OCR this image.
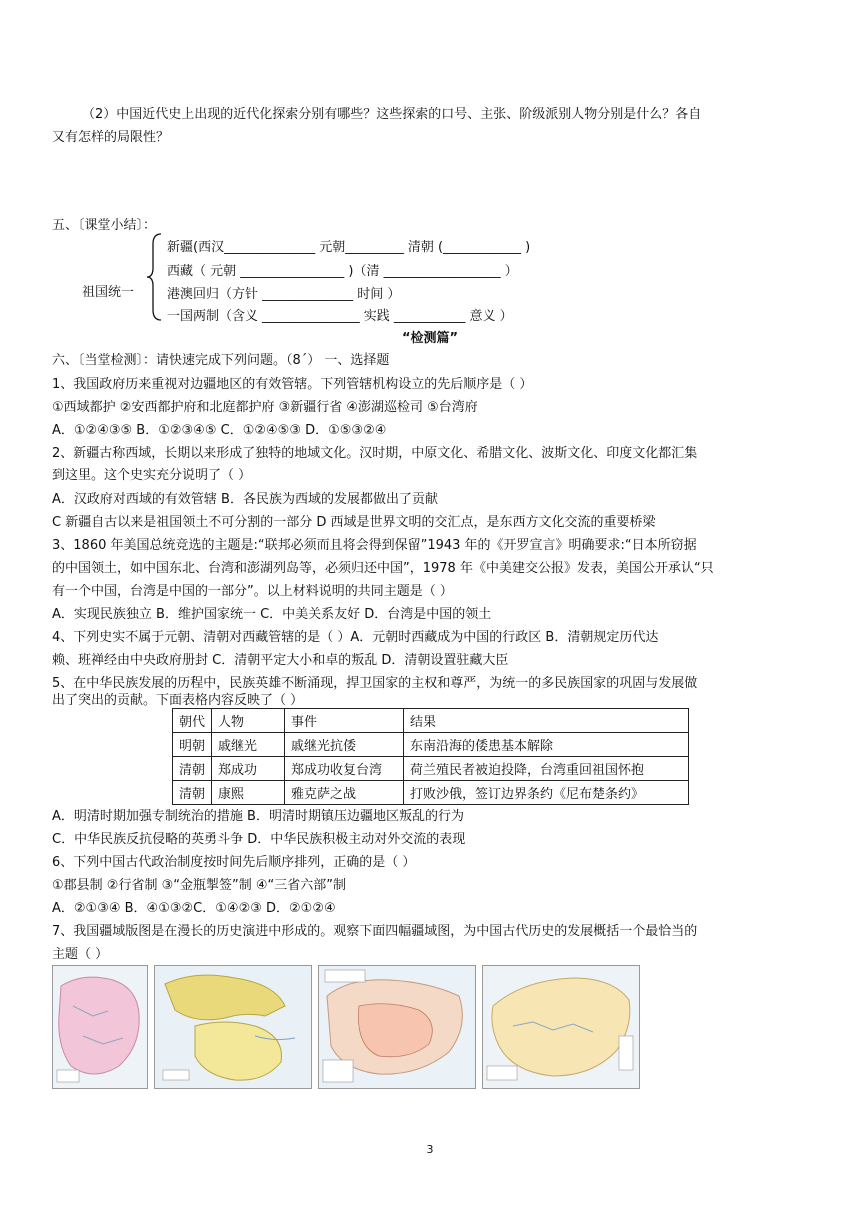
（2）中国近代史上出现的近代化探索分别有哪些？这些探索的口号、主张、阶级派别人物分别是什么？各自
又有怎样的局限性？
五、〔课堂小结〕：
祖国统一
新疆(西汉______________ 元朝_________ 清朝 (____________ )
西藏（ 元朝 ________________ )（清 __________________ ）
港澳回归（方针 ______________ 时间 ）
一国两制（含义 _______________ 实践 ___________ 意义 ）
“检测篇”
六、〔当堂检测〕：请快速完成下列问题。（8´） 一、选择题
1、我国政府历来重视对边疆地区的有效管辖。下列管辖机构设立的先后顺序是（ ）
①西域都护 ②安西都护府和北庭都护府 ③新疆行省 ④澎湖巡检司 ⑤台湾府
A．①②④③⑤ B．①②③④⑤ C．①②④⑤③ D．①⑤③②④
2、新疆古称西域，长期以来形成了独特的地域文化。汉时期，中原文化、希腊文化、波斯文化、印度文化都汇集
到这里。这个史实充分说明了（ ）
A．汉政府对西域的有效管辖 B．各民族为西域的发展都做出了贡献
C 新疆自古以来是祖国领土不可分割的一部分 D 西域是世界文明的交汇点，是东西方文化交流的重要桥梁
3、1860 年美国总统竞选的主题是:“联邦必须而且将会得到保留”1943 年的《开罗宣言》明确要求:“日本所窃据
的中国领土，如中国东北、台湾和澎湖列岛等，必须归还中国”，1978 年《中美建交公报》发表，美国公开承认“只
有一个中国，台湾是中国的一部分”。以上材料说明的共同主题是（ ）
A．实现民族独立 B．维护国家统一 C．中美关系友好 D．台湾是中国的领土
4、下列史实不属于元朝、清朝对西藏管辖的是（ ）A．元朝时西藏成为中国的行政区 B．清朝规定历代达
赖、班禅经由中央政府册封 C．清朝平定大小和卓的叛乱 D．清朝设置驻藏大臣
5、在中华民族发展的历程中，民族英雄不断涌现，捍卫国家的主权和尊严，为统一的多民族国家的巩固与发展做
出了突出的贡献。下面表格内容反映了（ ）
朝代	人物	事件	结果
明朝	戚继光	戚继光抗倭	东南沿海的倭患基本解除
清朝	郑成功	郑成功收复台湾	荷兰殖民者被迫投降，台湾重回祖国怀抱
清朝	康熙	雅克萨之战	打败沙俄，签订边界条约《尼布楚条约》
A．明清时期加强专制统治的措施 B．明清时期镇压边疆地区叛乱的行为
C．中华民族反抗侵略的英勇斗争 D．中华民族积极主动对外交流的表现
6、下列中国古代政治制度按时间先后顺序排列，正确的是（ ）
①郡县制 ②行省制 ③“金瓶掣签”制 ④“三省六部”制
A．②①③④ B．④①③②C．①④②③ D．②①②④
7、我国疆域版图是在漫长的历史演进中形成的。观察下面四幅疆域图，为中国古代历史的发展概括一个最恰当的
主题（ ）
3
